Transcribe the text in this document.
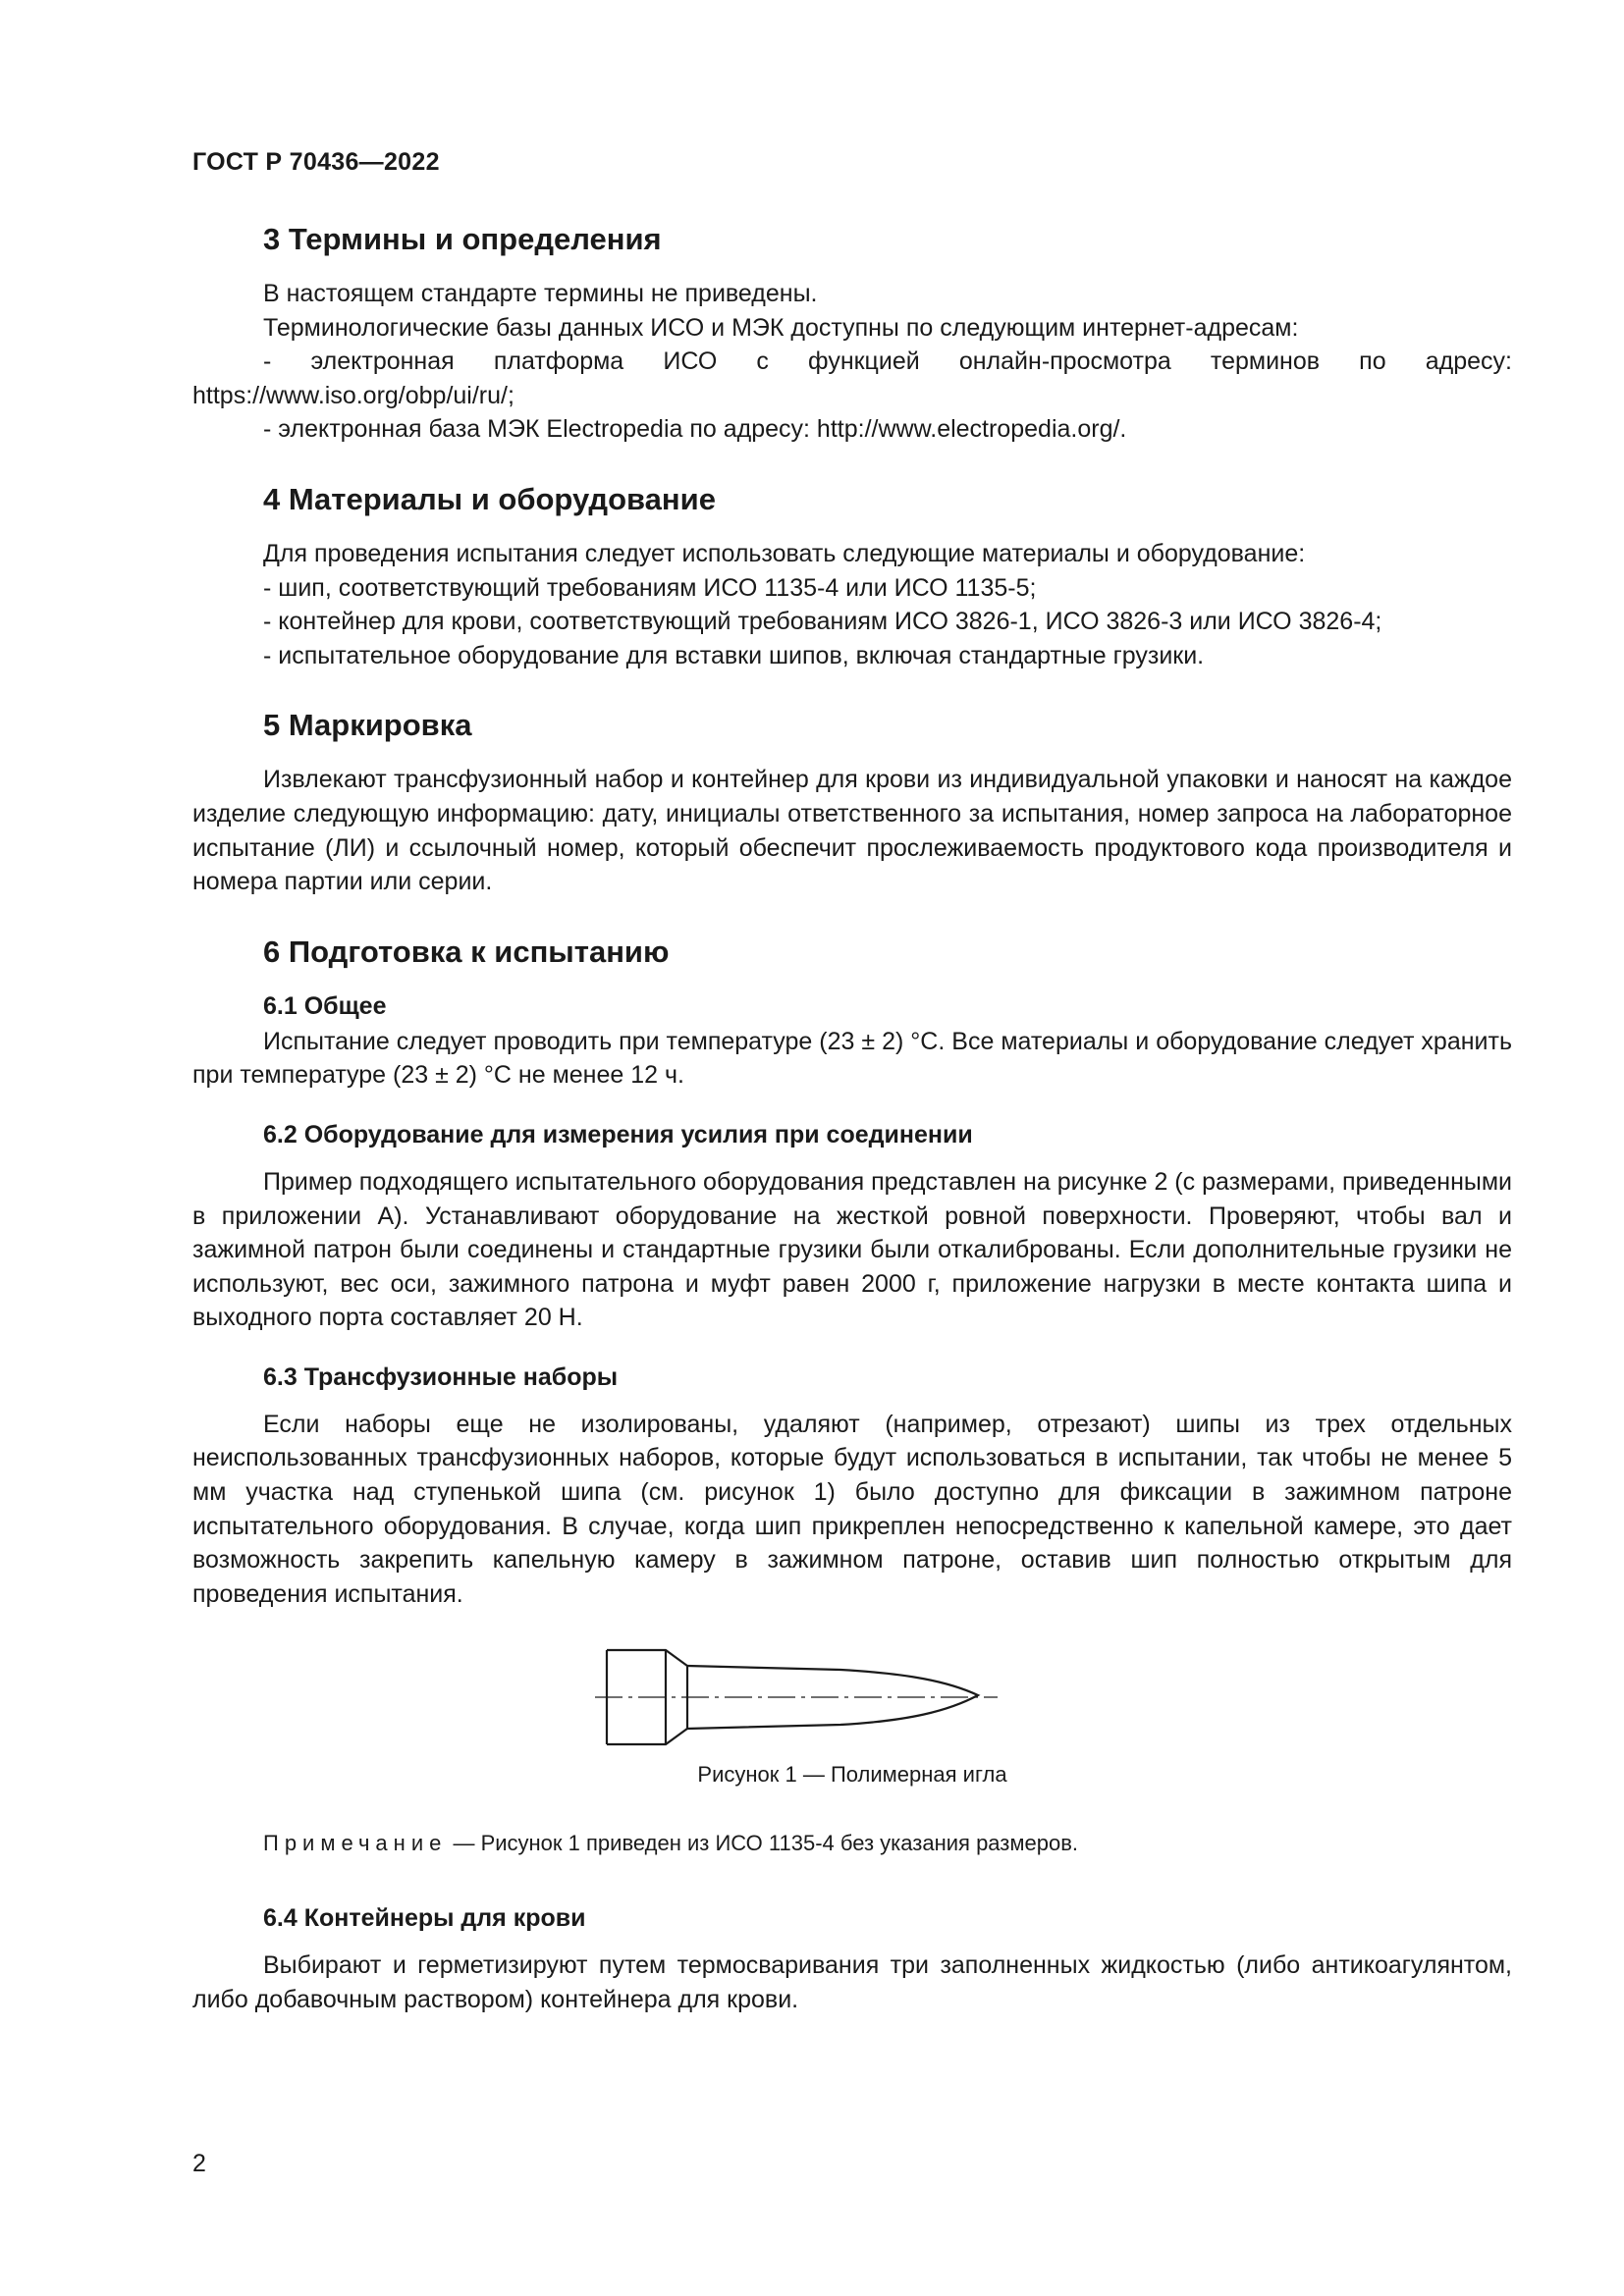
ГОСТ Р 70436—2022
3 Термины и определения

В настоящем стандарте термины не приведены.

Терминологические базы данных ИСО и МЭК доступны по следующим интернет-адресам:

- электронная платформа ИСО с функцией онлайн-просмотра терминов по адресу: https://www.iso.org/obp/ui/ru/;

- электронная база МЭК Electropedia по адресу: http://www.electropedia.org/.

4 Материалы и оборудование

Для проведения испытания следует использовать следующие материалы и оборудование:

- шип, соответствующий требованиям ИСО 1135-4 или ИСО 1135-5;

- контейнер для крови, соответствующий требованиям ИСО 3826-1, ИСО 3826-3 или ИСО 3826-4;

- испытательное оборудование для вставки шипов, включая стандартные грузики.

5 Маркировка

Извлекают трансфузионный набор и контейнер для крови из индивидуальной упаковки и наносят на каждое изделие следующую информацию: дату, инициалы ответственного за испытания, номер запроса на лабораторное испытание (ЛИ) и ссылочный номер, который обеспечит прослеживаемость продуктового кода производителя и номера партии или серии.

6 Подготовка к испытанию
6.1 Общее

Испытание следует проводить при температуре (23 ± 2) °C. Все материалы и оборудование следует хранить при температуре (23 ± 2) °C не менее 12 ч.

6.2 Оборудование для измерения усилия при соединении

Пример подходящего испытательного оборудования представлен на рисунке 2 (с размерами, приведенными в приложении А). Устанавливают оборудование на жесткой ровной поверхности. Проверяют, чтобы вал и зажимной патрон были соединены и стандартные грузики были откалиброваны. Если дополнительные грузики не используют, вес оси, зажимного патрона и муфт равен 2000 г, приложение нагрузки в месте контакта шипа и выходного порта составляет 20 Н.

6.3 Трансфузионные наборы

Если наборы еще не изолированы, удаляют (например, отрезают) шипы из трех отдельных неиспользованных трансфузионных наборов, которые будут использоваться в испытании, так чтобы не менее 5 мм участка над ступенькой шипа (см. рисунок 1) было доступно для фиксации в зажимном патроне испытательного оборудования. В случае, когда шип прикреплен непосредственно к капельной камере, это дает возможность закрепить капельную камеру в зажимном патроне, оставив шип полностью открытым для проведения испытания.

Рисунок 1 — Полимерная игла

Примечание — Рисунок 1 приведен из ИСО 1135-4 без указания размеров.

6.4 Контейнеры для крови

Выбирают и герметизируют путем термосваривания три заполненных жидкостью (либо антикоагулянтом, либо добавочным раствором) контейнера для крови.

2
